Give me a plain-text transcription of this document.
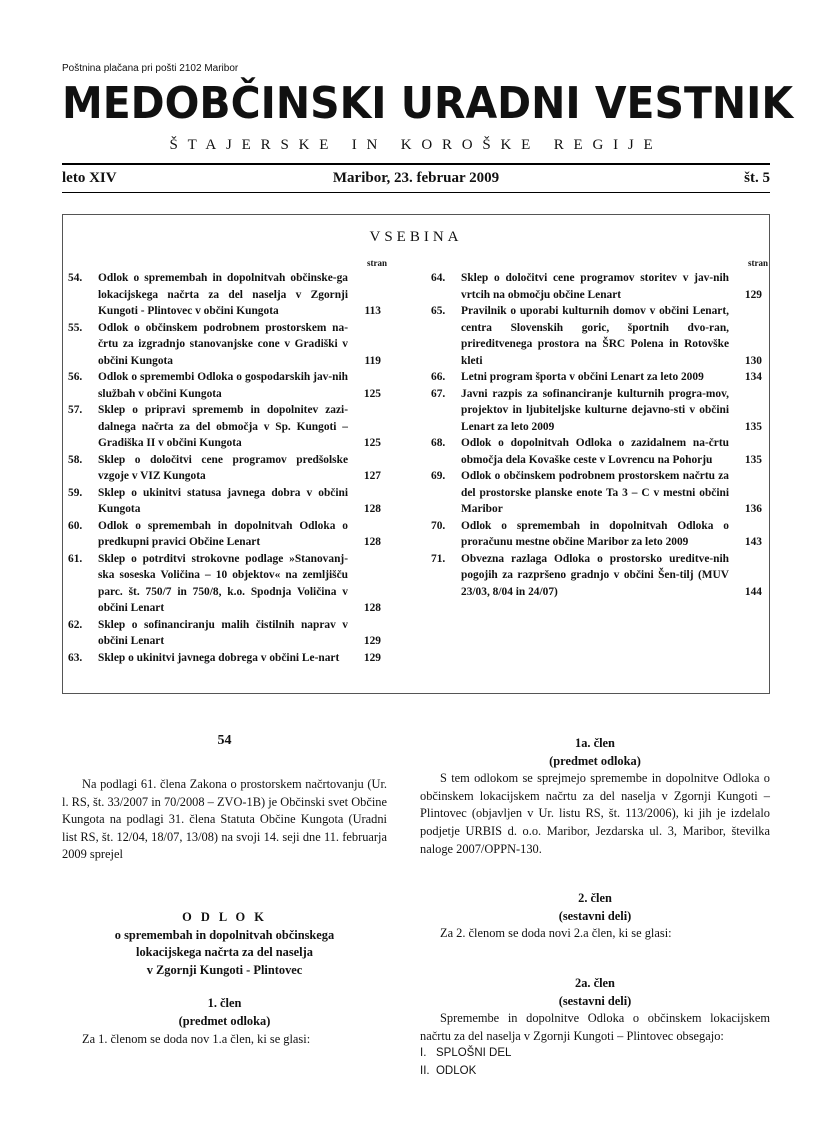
Poštnina plačana pri pošti 2102 Maribor
MEDOBČINSKI URADNI VESTNIK
ŠTAJERSKE IN KOROŠKE REGIJE
leto XIV	Maribor, 23. februar 2009	št. 5
VSEBINA
stran
54. Odlok o spremembah in dopolnitvah občinske-ga lokacijskega načrta za del naselja v Zgornji Kungoti - Plintovec v občini Kungota	113
55. Odlok o občinskem podrobnem prostorskem na-črtu za izgradnjo stanovanjske cone v Gradiški v občini Kungota	119
56. Odlok o spremembi Odloka o gospodarskih jav-nih službah v občini Kungota	125
57. Sklep o pripravi sprememb in dopolnitev zazi-dalnega načrta za del območja v Sp. Kungoti – Gradiška II v občini Kungota	125
58. Sklep o določitvi cene programov predšolske vzgoje v VIZ Kungota	127
59. Sklep o ukinitvi statusa javnega dobra v občini Kungota	128
60. Odlok o spremembah in dopolnitvah Odloka o predkupni pravici Občine Lenart	128
61. Sklep o potrditvi strokovne podlage »Stanovanj-ska soseska Voličina – 10 objektov« na zemljišču parc. št. 750/7 in 750/8, k.o. Spodnja Voličina v občini Lenart	128
62. Sklep o sofinanciranju malih čistilnih naprav v občini Lenart	129
63. Sklep o ukinitvi javnega dobrega v občini Le-nart 129
stran
64. Sklep o določitvi cene programov storitev v jav-nih vrtcih na območju občine Lenart	129
65. Pravilnik o uporabi kulturnih domov v občini Lenart, centra Slovenskih goric, športnih dvo-ran, prireditvenega prostora na ŠRC Polena in Rotovške kleti	130
66. Letni program športa v občini Lenart za leto 2009	134
67. Javni razpis za sofinanciranje kulturnih progra-mov, projektov in ljubiteljske kulturne dejavno-sti v občini Lenart za leto 2009	135
68. Odlok o dopolnitvah Odloka o zazidalnem na-črtu območja dela Kovaške ceste v Lovrencu na Pohorju	135
69. Odlok o občinskem podrobnem prostorskem načrtu za del prostorske planske enote Ta 3 – C v mestni občini Maribor	136
70. Odlok o spremembah in dopolnitvah Odloka o proračunu mestne občine Maribor za leto 2009	143
71. Obvezna razlaga Odloka o prostorsko ureditve-nih pogojih za razpršeno gradnjo v občini Šen-tilj (MUV 23/03, 8/04 in 24/07)	144
54

Na podlagi 61. člena Zakona o prostorskem načrtovanju (Ur. l. RS, št. 33/2007 in 70/2008 – ZVO-1B) je Občinski svet Občine Kungota na podlagi 31. člena Statuta Občine Kungota (Uradni list RS, št. 12/04, 18/07, 13/08) na svoji 14. seji dne 11. februarja 2009 sprejel

O D L O K
o spremembah in dopolnitvah občinskega
lokacijskega načrta za del naselja
v Zgornji Kungoti - Plintovec
1. člen
(predmet odloka)

Za 1. členom se doda nov 1.a člen, ki se glasi:

1a. člen
(predmet odloka)

S tem odlokom se sprejmejo spremembe in dopolnitve Odloka o občinskem lokacijskem načrtu za del naselja v Zgornji Kungoti – Plintovec (objavljen v Ur. listu RS, št. 113/2006), ki jih je izdelalo podjetje URBIS d. o.o. Maribor, Jezdarska ul. 3, Maribor, številka naloge 2007/OPPN-130.

2. člen
(sestavni deli)

Za 2. členom se doda novi 2.a člen, ki se glasi:

2a. člen
(sestavni deli)

Spremembe in dopolnitve Odloka o občinskem lokacijskem načrtu za del naselja v Zgornji Kungoti – Plintovec obsegajo:

I.   SPLOŠNI DEL
II.  ODLOK
